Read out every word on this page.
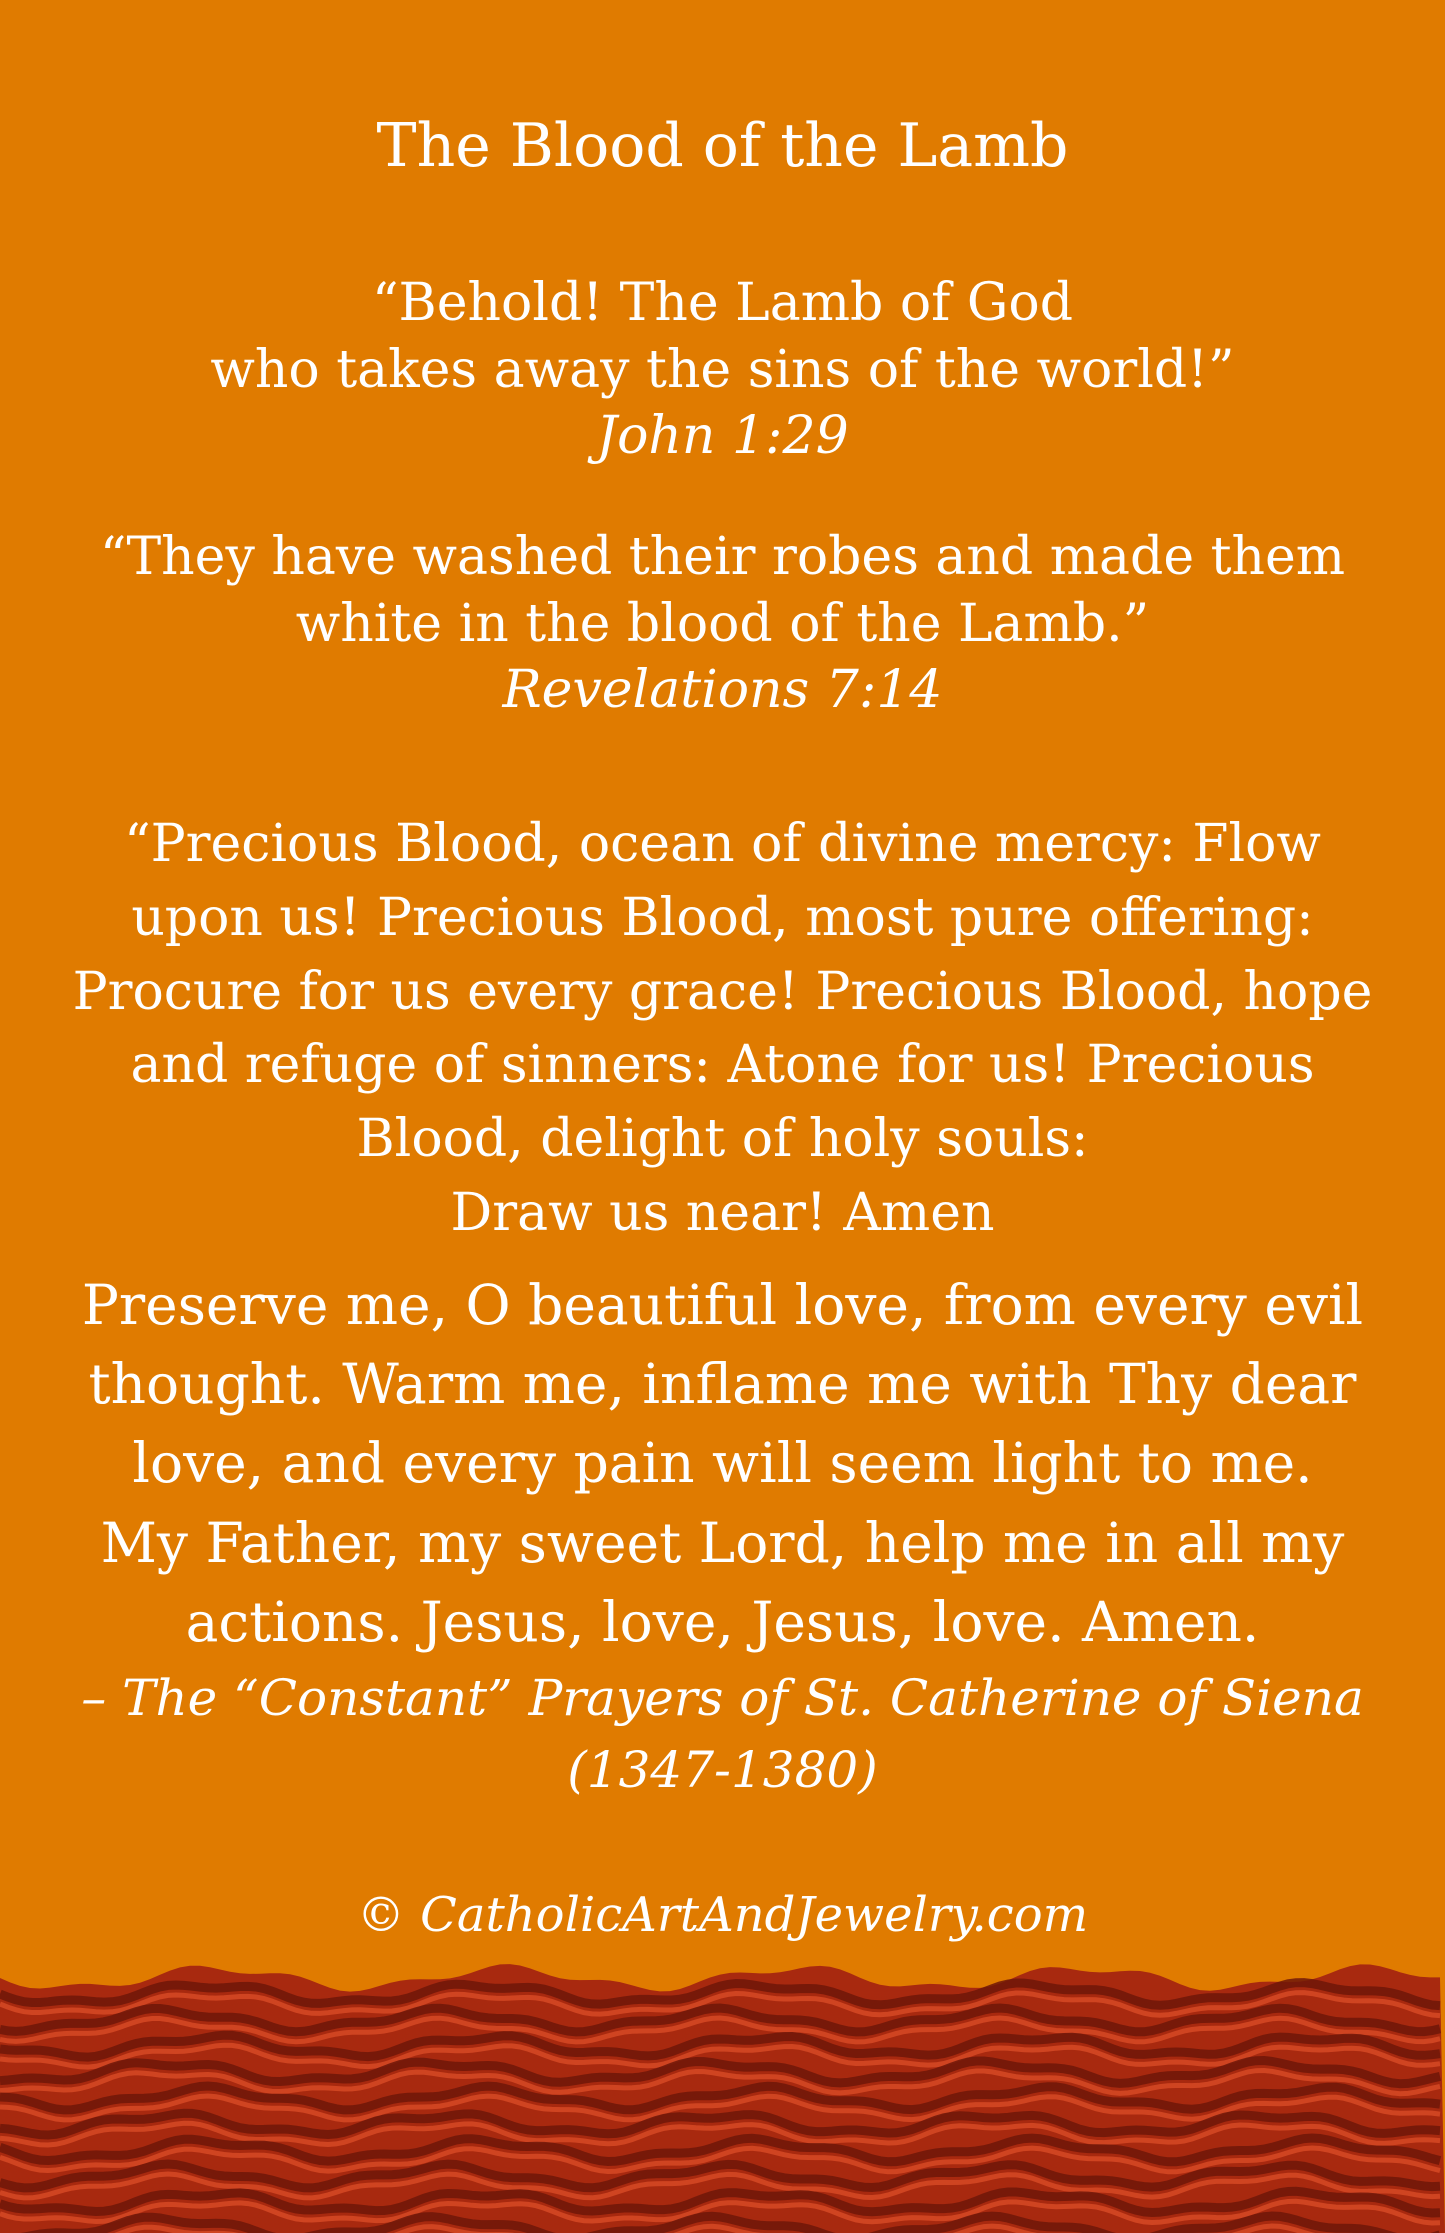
The Blood of the Lamb
“Behold! The Lamb of God
who takes away the sins of the world!”
John 1:29
“They have washed their robes and made them
white in the blood of the Lamb.”
Revelations 7:14
“Precious Blood, ocean of divine mercy: Flow
upon us! Precious Blood, most pure offering:
Procure for us every grace! Precious Blood, hope
and refuge of sinners: Atone for us! Precious
Blood, delight of holy souls:
Draw us near! Amen
Preserve me, O beautiful love, from every evil
thought. Warm me, inflame me with Thy dear
love, and every pain will seem light to me.
My Father, my sweet Lord, help me in all my
actions. Jesus, love, Jesus, love. Amen.
– The “Constant” Prayers of St. Catherine of Siena
(1347-1380)
© CatholicArtAndJewelry.com
